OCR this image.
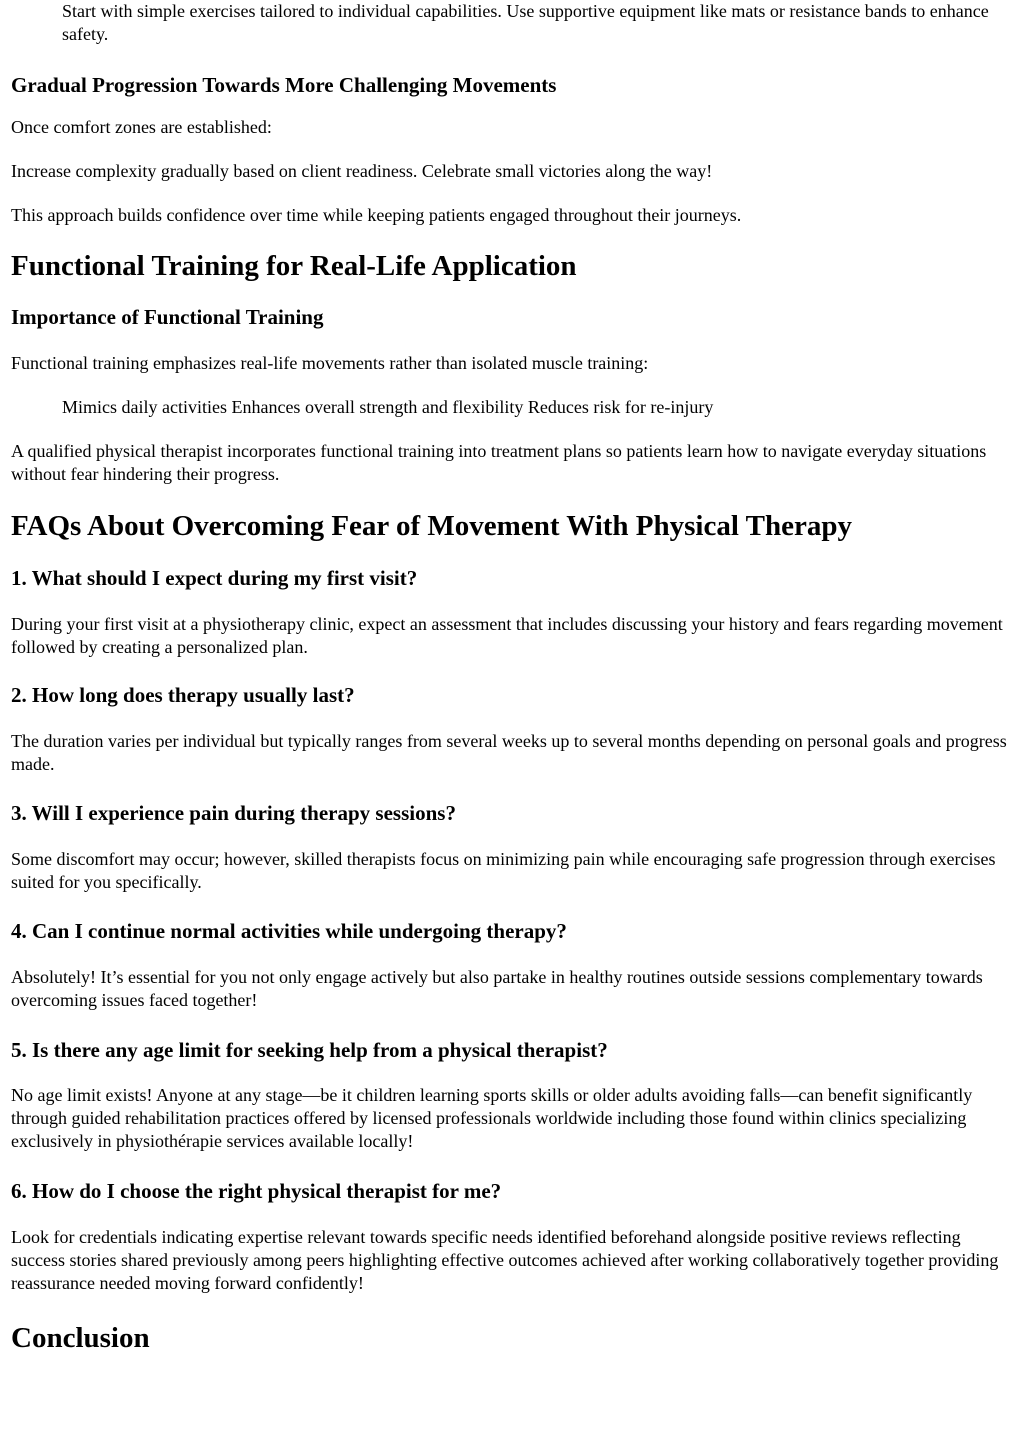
Start with simple exercises tailored to individual capabilities. Use supportive equipment like mats or resistance bands to enhance safety.

Gradual Progression Towards More Challenging Movements

Once comfort zones are established:

Increase complexity gradually based on client readiness. Celebrate small victories along the way!

This approach builds confidence over time while keeping patients engaged throughout their journeys.

Functional Training for Real-Life Application
Importance of Functional Training

Functional training emphasizes real-life movements rather than isolated muscle training:

Mimics daily activities Enhances overall strength and flexibility Reduces risk for re-injury

A qualified physical therapist incorporates functional training into treatment plans so patients learn how to navigate everyday situations without fear hindering their progress.

FAQs About Overcoming Fear of Movement With Physical Therapy
1. What should I expect during my first visit?

During your first visit at a physiotherapy clinic, expect an assessment that includes discussing your history and fears regarding movement followed by creating a personalized plan.

2. How long does therapy usually last?

The duration varies per individual but typically ranges from several weeks up to several months depending on personal goals and progress made.

3. Will I experience pain during therapy sessions?

Some discomfort may occur; however, skilled therapists focus on minimizing pain while encouraging safe progression through exercises suited for you specifically.

4. Can I continue normal activities while undergoing therapy?

Absolutely! It’s essential for you not only engage actively but also partake in healthy routines outside sessions complementary towards overcoming issues faced together!

5. Is there any age limit for seeking help from a physical therapist?

No age limit exists! Anyone at any stage—be it children learning sports skills or older adults avoiding falls—can benefit significantly through guided rehabilitation practices offered by licensed professionals worldwide including those found within clinics specializing exclusively in physiothérapie services available locally!

6. How do I choose the right physical therapist for me?

Look for credentials indicating expertise relevant towards specific needs identified beforehand alongside positive reviews reflecting success stories shared previously among peers highlighting effective outcomes achieved after working collaboratively together providing reassurance needed moving forward confidently!

Conclusion
